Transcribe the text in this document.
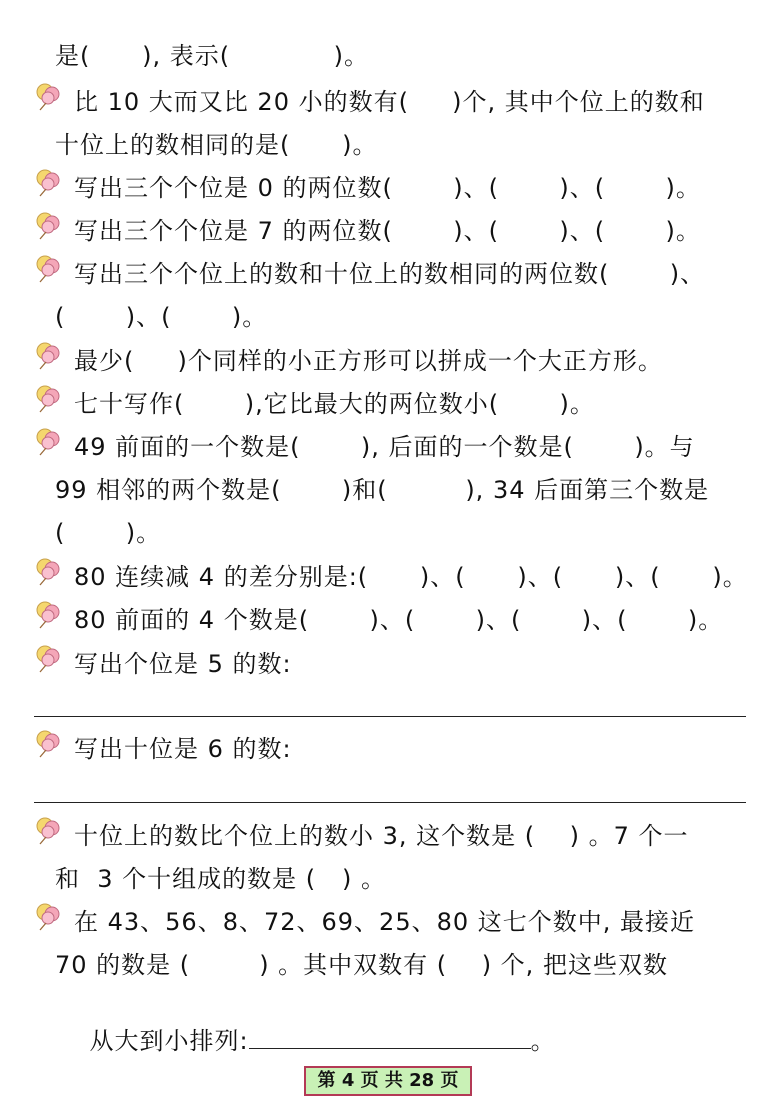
是(      ), 表示(            )。
比 10 大而又比 20 小的数有(     )个, 其中个位上的数和
十位上的数相同的是(      )。
写出三个个位是 0 的两位数(       )、(       )、(       )。
写出三个个位是 7 的两位数(       )、(       )、(       )。
写出三个个位上的数和十位上的数相同的两位数(       )、
(       )、(       )。
最少(     )个同样的小正方形可以拼成一个大正方形。
七十写作(       ),它比最大的两位数小(       )。
49 前面的一个数是(       ), 后面的一个数是(       )。与
99 相邻的两个数是(       )和(         ), 34 后面第三个数是
(       )。
80 连续减 4 的差分别是:(      )、(      )、(      )、(      )。
80 前面的 4 个数是(       )、(       )、(       )、(       )。
写出个位是 5 的数:
写出十位是 6 的数:
十位上的数比个位上的数小 3, 这个数是 (    ) 。7 个一
和  3 个十组成的数是 (   ) 。
在 43、56、8、72、69、25、80 这七个数中, 最接近
70 的数是 (        ) 。其中双数有 (    ) 个, 把这些双数

从大到小排列:	。

第 4 页 共 28 页
